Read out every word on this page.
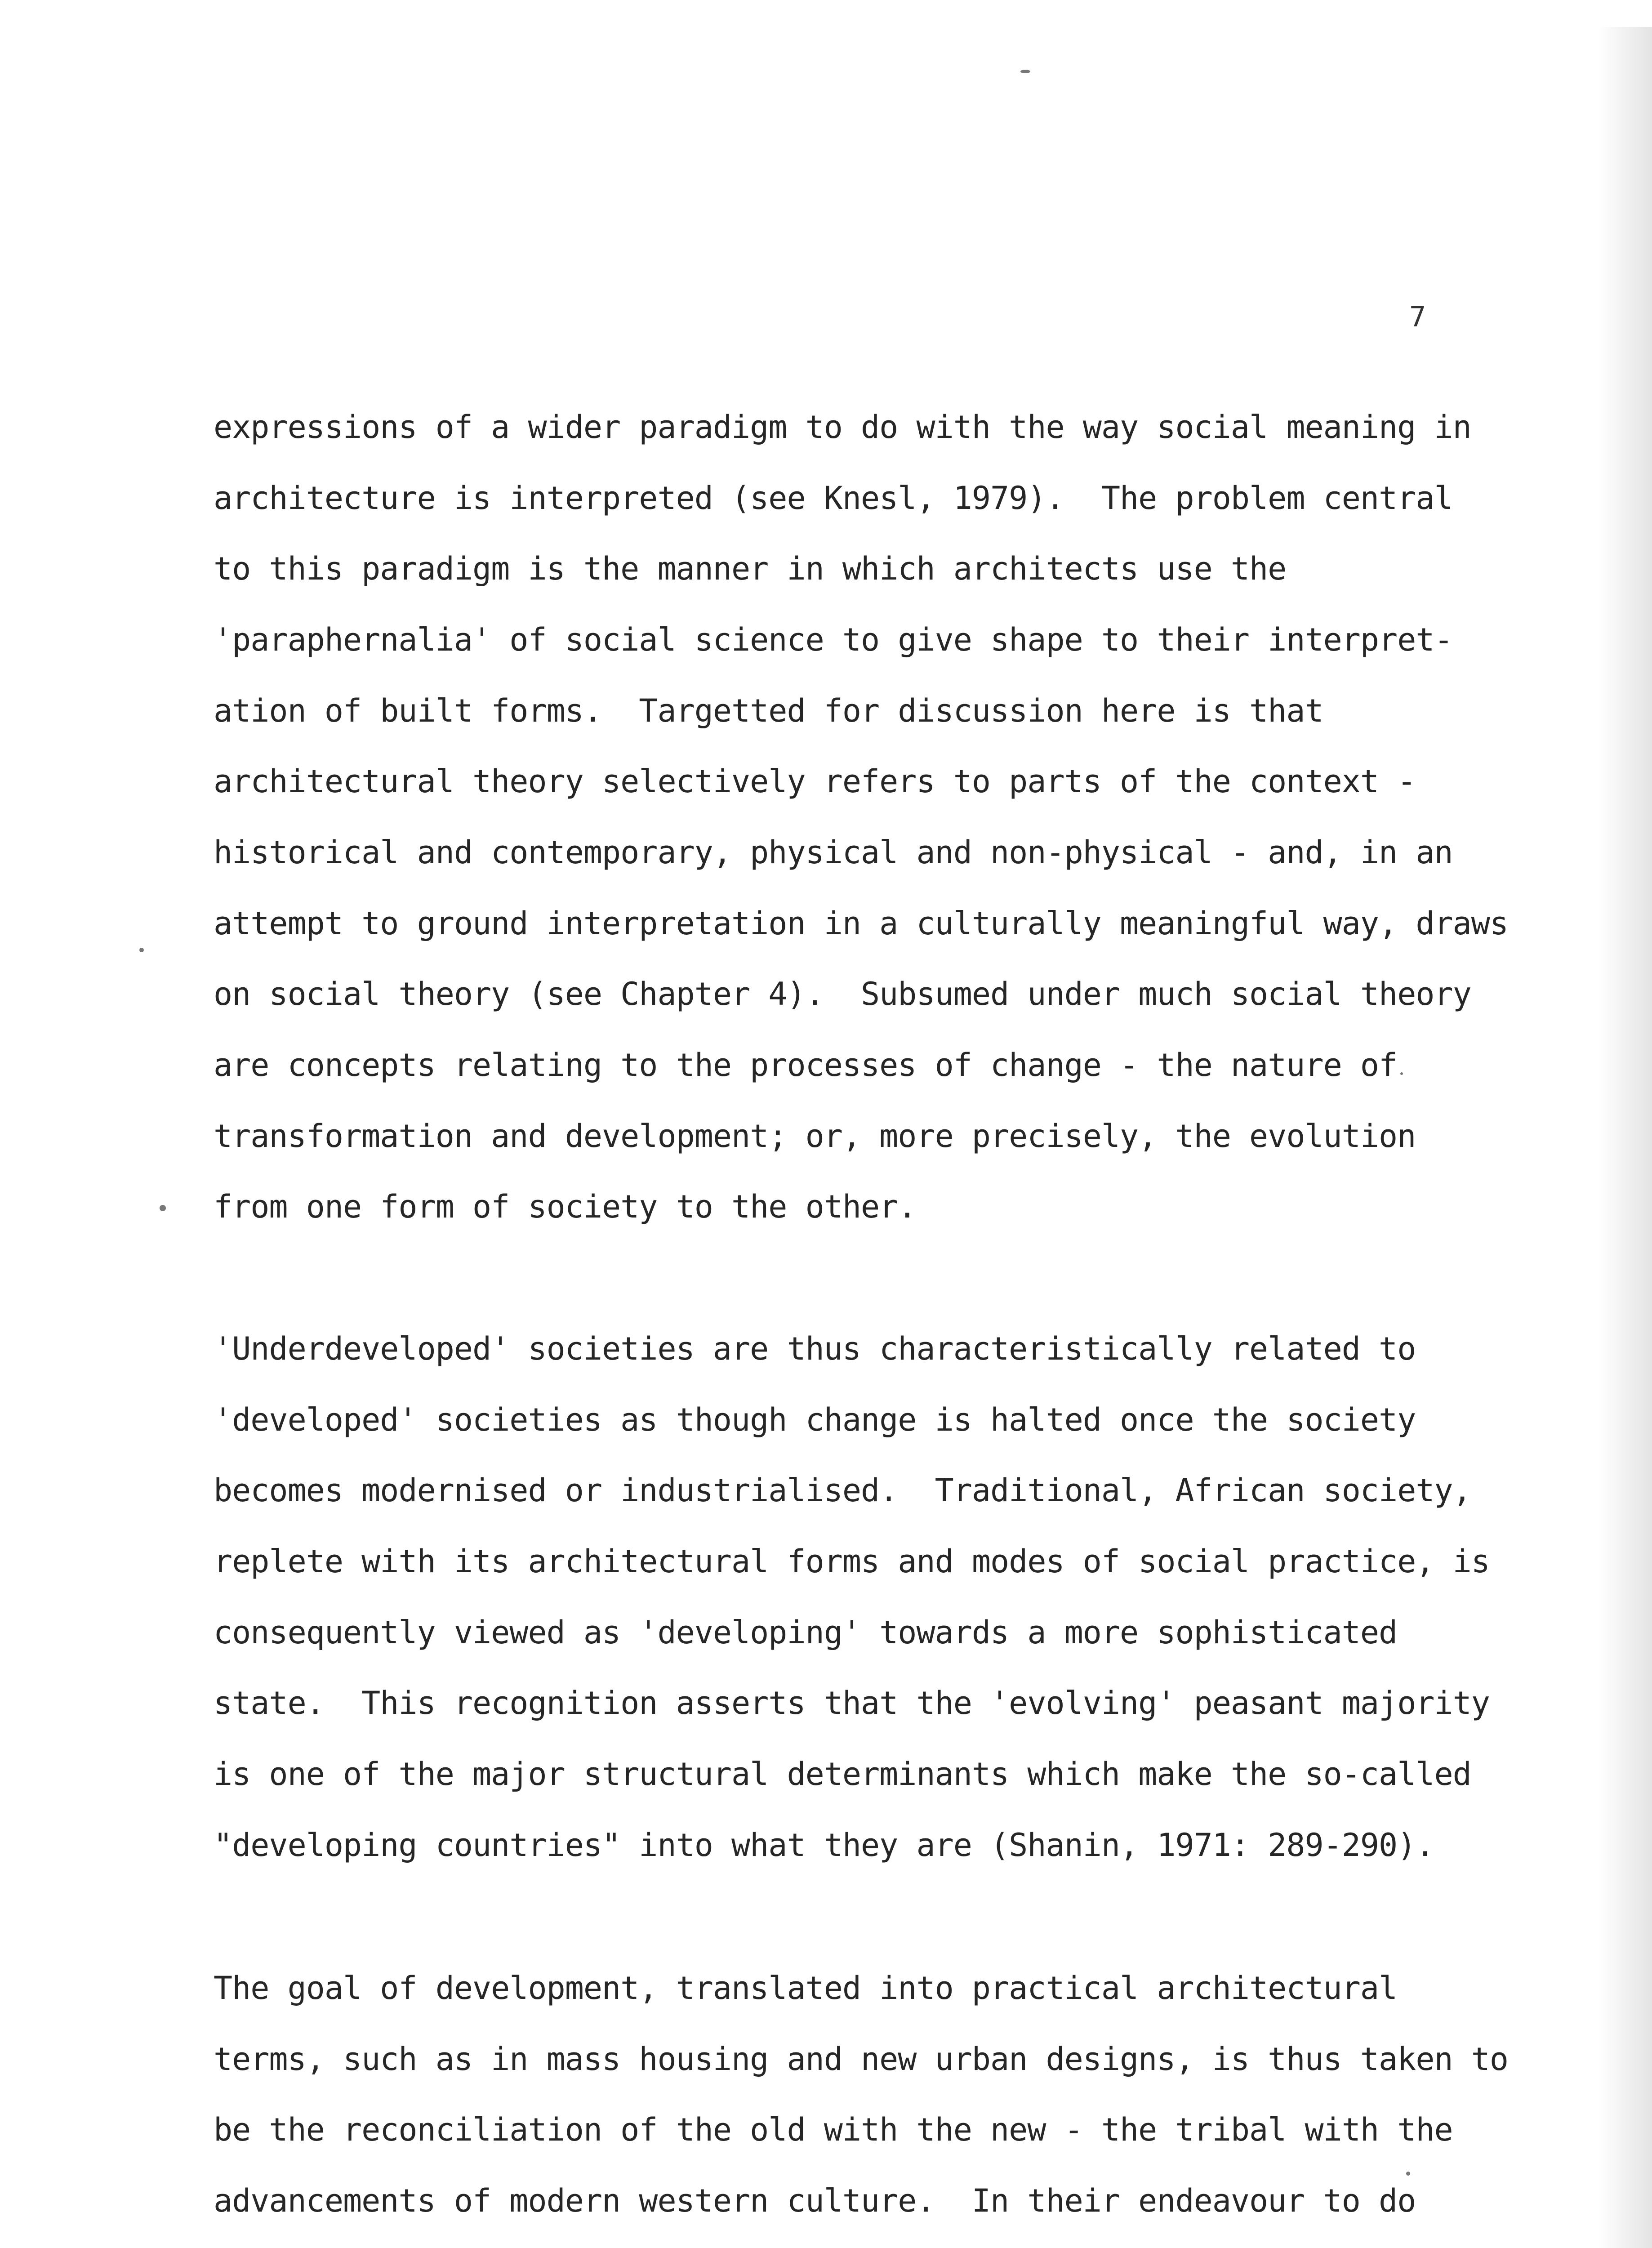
7
expressions of a wider paradigm to do with the way social meaning in
architecture is interpreted (see Knesl, 1979).  The problem central
to this paradigm is the manner in which architects use the
'paraphernalia' of social science to give shape to their interpret-
ation of built forms.  Targetted for discussion here is that
architectural theory selectively refers to parts of the context -
historical and contemporary, physical and non-physical - and, in an
attempt to ground interpretation in a culturally meaningful way, draws
on social theory (see Chapter 4).  Subsumed under much social theory
are concepts relating to the processes of change - the nature of
transformation and development; or, more precisely, the evolution
from one form of society to the other.
'Underdeveloped' societies are thus characteristically related to
'developed' societies as though change is halted once the society
becomes modernised or industrialised.  Traditional, African society,
replete with its architectural forms and modes of social practice, is
consequently viewed as 'developing' towards a more sophisticated
state.  This recognition asserts that the 'evolving' peasant majority
is one of the major structural determinants which make the so-called
"developing countries" into what they are (Shanin, 1971: 289-290).
The goal of development, translated into practical architectural
terms, such as in mass housing and new urban designs, is thus taken to
be the reconciliation of the old with the new - the tribal with the
advancements of modern western culture.  In their endeavour to do
